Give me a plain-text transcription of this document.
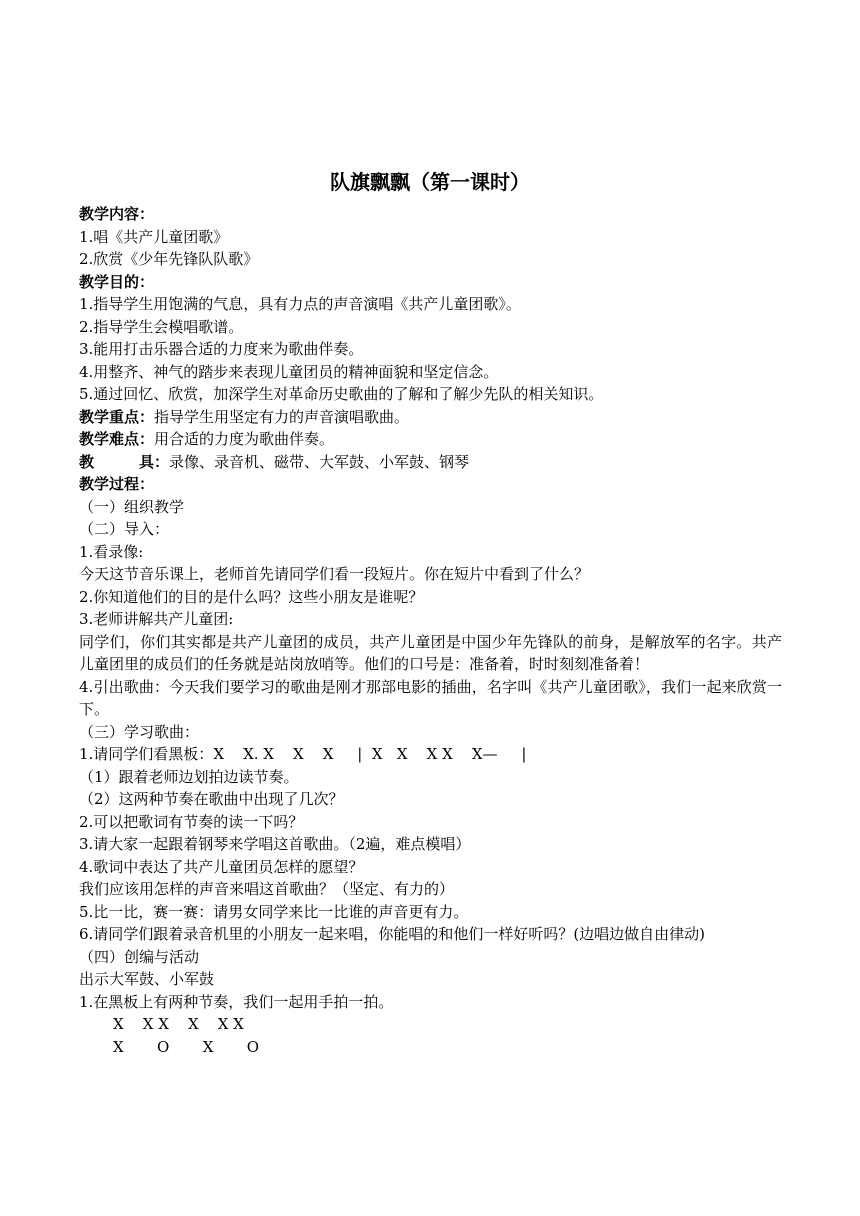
队旗飘飘（第一课时）
教学内容：
1.唱《共产儿童团歌》
2.欣赏《少年先锋队队歌》
教学目的：
1.指导学生用饱满的气息，具有力点的声音演唱《共产儿童团歌》。
2.指导学生会模唱歌谱。
3.能用打击乐器合适的力度来为歌曲伴奏。
4.用整齐、神气的踏步来表现儿童团员的精神面貌和坚定信念。
5.通过回忆、欣赏，加深学生对革命历史歌曲的了解和了解少先队的相关知识。
教学重点：指导学生用坚定有力的声音演唱歌曲。
教学难点：用合适的力度为歌曲伴奏。
教　　　具：录像、录音机、磁带、大军鼓、小军鼓、钢琴
教学过程：
（一）组织教学
（二）导入：
1.看录像:
今天这节音乐课上，老师首先请同学们看一段短片。你在短片中看到了什么？
2.你知道他们的目的是什么吗？这些小朋友是谁呢？
3.老师讲解共产儿童团:
同学们，你们其实都是共产儿童团的成员，共产儿童团是中国少年先锋队的前身，是解放军的名字。共产儿童团里的成员们的任务就是站岗放哨等。他们的口号是：准备着，时时刻刻准备着！
4.引出歌曲：今天我们要学习的歌曲是刚才那部电影的插曲，名字叫《共产儿童团歌》，我们一起来欣赏一下。
（三）学习歌曲：
1.请同学们看黑板：X    X. X    X    X     |  X   X    X X    X—     |
（1）跟着老师边划拍边读节奏。
（2）这两种节奏在歌曲中出现了几次？
2.可以把歌词有节奏的读一下吗？
3.请大家一起跟着钢琴来学唱这首歌曲。（2遍，难点模唱）
4.歌词中表达了共产儿童团员怎样的愿望？
我们应该用怎样的声音来唱这首歌曲？（坚定、有力的）
5.比一比，赛一赛：请男女同学来比一比谁的声音更有力。
6.请同学们跟着录音机里的小朋友一起来唱，你能唱的和他们一样好听吗？(边唱边做自由律动)
（四）创编与活动
出示大军鼓、小军鼓
1.在黑板上有两种节奏，我们一起用手拍一拍。
X    X X    X    X X
X       O       X       O
